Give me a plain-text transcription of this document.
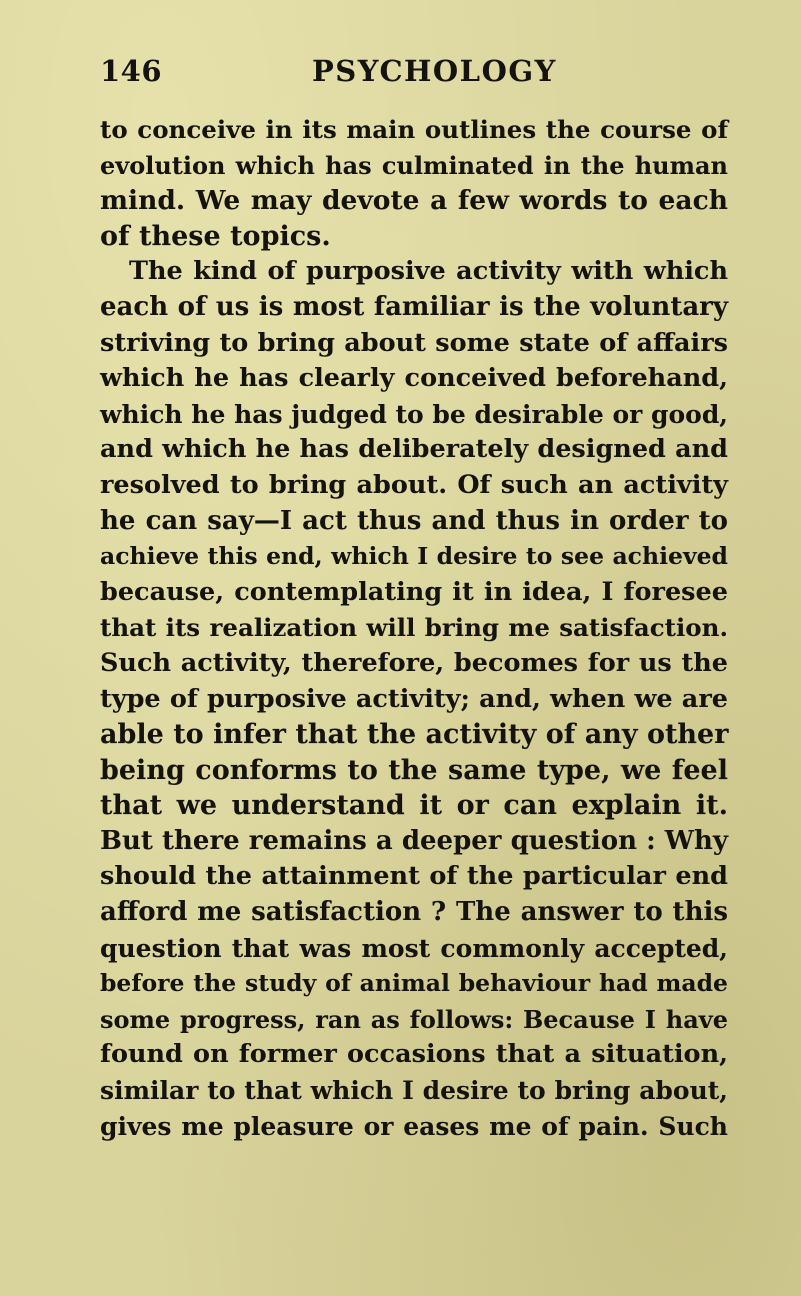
146	PSYCHOLOGY
to conceive in its main outlines the course of
evolution which has culminated in the human
mind. We may devote a few words to each
of these topics.
The kind of purposive activity with which
each of us is most familiar is the voluntary
striving to bring about some state of affairs
which he has clearly conceived beforehand,
which he has judged to be desirable or good,
and which he has deliberately designed and
resolved to bring about. Of such an activity
he can say—I act thus and thus in order to
achieve this end, which I desire to see achieved
because, contemplating it in idea, I foresee
that its realization will bring me satisfaction.
Such activity, therefore, becomes for us the
type of purposive activity; and, when we are
able to infer that the activity of any other
being conforms to the same type, we feel
that we understand it or can explain it.
But there remains a deeper question : Why
should the attainment of the particular end
afford me satisfaction ? The answer to this
question that was most commonly accepted,
before the study of animal behaviour had made
some progress, ran as follows: Because I have
found on former occasions that a situation,
similar to that which I desire to bring about,
gives me pleasure or eases me of pain. Such
